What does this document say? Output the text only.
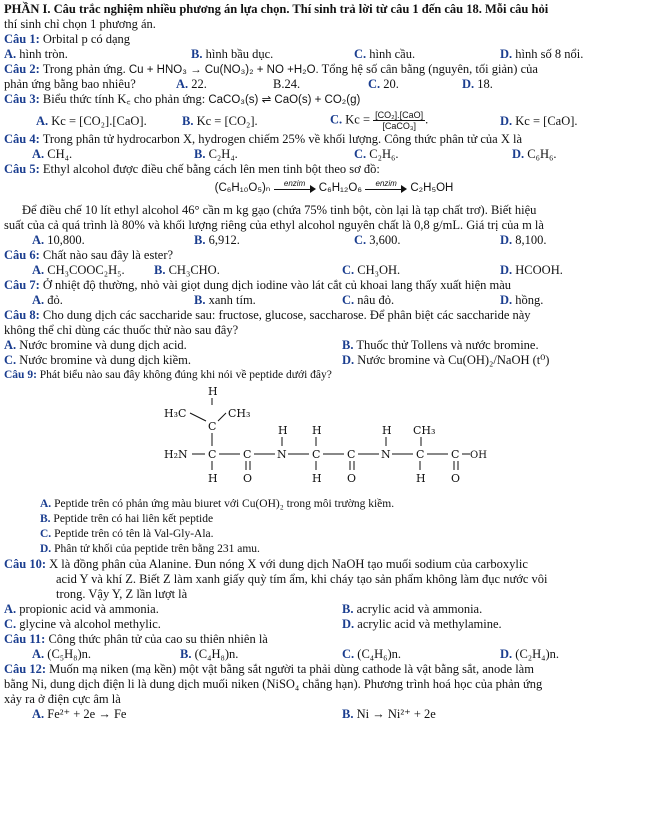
PHẦN I. Câu trắc nghiệm nhiều phương án lựa chọn. Thí sinh trả lời từ câu 1 đến câu 18. Mỗi câu hỏi
thí sinh chỉ chọn 1 phương án.
Câu 1: Orbital p có dạng
A. hình tròn.	B. hình bầu dục.	C. hình cầu.	D. hình số 8 nổi.
Câu 2: Trong phản ứng. Cu + HNO₃ → Cu(NO₃)₂ + NO +H₂O. Tổng hệ số cân bằng (nguyên, tối giản) của
phản ứng bằng bao nhiêu?	A. 22.	B.24.	C. 20.	D. 18.
Câu 3: Biểu thức tính K꜀ cho phản ứng: CaCO₃(s) ⇌ CaO(s) + CO₂(g)
A. Kc = [CO₂].[CaO].	B. Kc = [CO₂].	C. $Kc = \frac{\text{[CO₂].[CaO]}}{\text{[CaCO₃]}}$ .	D. Kc = [CaO].
Câu 4: Trong phân tử hydrocarbon X, hydrogen chiếm 25% về khối lượng. Công thức phân tử của X là
A. CH₄.	B. C₂H₄.	C. C₂H₆.	D. C₆H₆.
Câu 5: Ethyl alcohol được điều chế bằng cách lên men tinh bột theo sơ đồ:
(C₆H₁₀O₅)ₙ	enzim	C₆H₁₂O₆	enzim	C₂H₅OH
Để điều chế 10 lít ethyl alcohol 46° cần m kg gạo (chứa 75% tinh bột, còn lại là tạp chất trơ). Biết hiệu
suất của cả quá trình là 80% và khối lượng riêng của ethyl alcohol nguyên chất là 0,8 g/mL. Giá trị của m là
A. 10,800.	B. 6,912.	C. 3,600.	D. 8,100.
Câu 6: Chất nào sau đây là ester?
A. CH₃COOC₂H₅. B. CH₃CHO.	C. CH₃OH.	D. HCOOH.
Câu 7: Ở nhiệt độ thường, nhỏ vài giọt dung dịch iodine vào lát cắt củ khoai lang thấy xuất hiện màu
A. đỏ.	B. xanh tím.	C. nâu đỏ.	D. hồng.
Câu 8: Cho dung dịch các saccharide sau: fructose, glucose, saccharose. Để phân biệt các saccharide này
không thể chỉ dùng các thuốc thử nào sau đây?
A. Nước bromine và dung dịch acid.	B. Thuốc thử Tollens và nước bromine.
C. Nước bromine và dung dịch kiềm.	D. Nước bromine và Cu(OH)₂/NaOH (t⁰)
Câu 9: Phát biểu nào sau đây không đúng khi nói về peptide dưới đây?
H
H₃C	CH₃
C
H₂N C C N C C N C C OH
H H	H CH₃
H O	H O	H O
A. Peptide trên có phản ứng màu biuret với Cu(OH)₂ trong môi trường kiềm.
B. Peptide trên có hai liên kết peptide
C. Peptide trên có tên là Val-Gly-Ala.
D. Phân tử khối của peptide trên bằng 231 amu.
Câu 10: X là đồng phân của Alanine. Đun nóng X với dung dịch NaOH tạo muối sodium của carboxylic
acid Y và khí Z. Biết Z làm xanh giấy quỳ tím ẩm, khi cháy tạo sản phẩm không làm đục nước vôi
trong. Vậy Y, Z lần lượt là
A. propionic acid và ammonia.	B. acrylic acid và ammonia.
C. glycine và alcohol methylic.	D. acrylic acid và methylamine.
Câu 11: Công thức phân tử của cao su thiên nhiên là
A. (C₅H₈)n.	B. (C₄H₈)n.	C. (C₄H₆)n.	D. (C₂H₄)n.
Câu 12: Muốn mạ niken (mạ kền) một vật bằng sắt người ta phải dùng cathode là vật bằng sắt, anode làm
bằng Ni, dung dịch điện li là dung dịch muối niken (NiSO₄ chẳng hạn). Phương trình hoá học của phản ứng
xảy ra ở điện cực âm là
A. Fe²⁺ + 2e → Fe	B. Ni → Ni²⁺ + 2e
